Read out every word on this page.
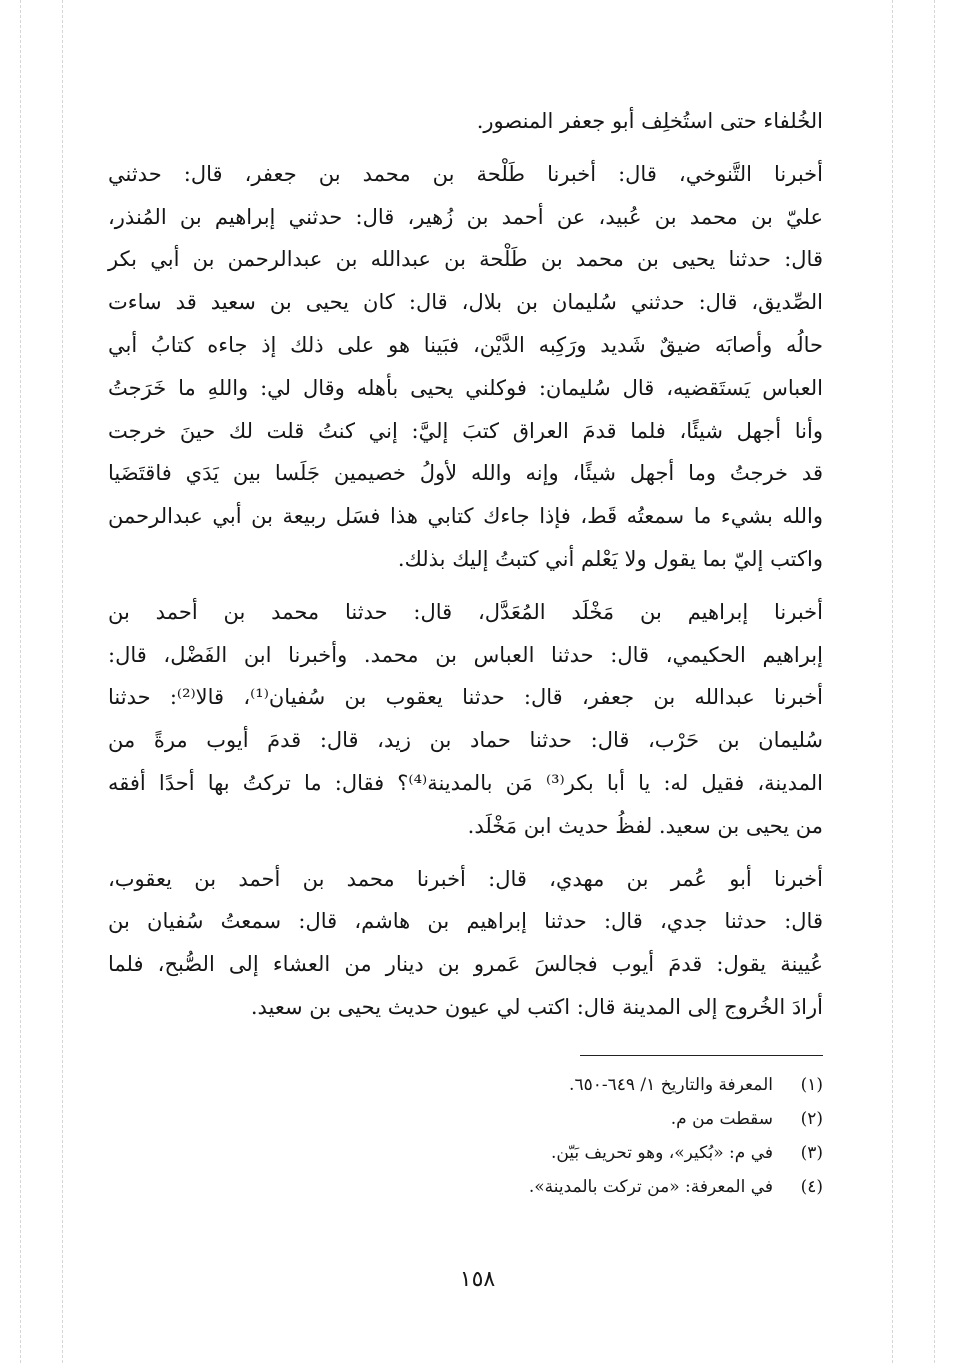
الخُلفاء حتى استُخلِف أبو جعفر المنصور.
أخبرنا التَّنوخي، قال: أخبرنا طَلْحة بن محمد بن جعفر، قال: حدثني
عليّ بن محمد بن عُبيد، عن أحمد بن زُهير، قال: حدثني إبراهيم بن المُنذر،
قال: حدثنا يحيى بن محمد بن طَلْحة بن عبدالله بن عبدالرحمن بن أبي بكر
الصِّديق، قال: حدثني سُليمان بن بلال، قال: كان يحيى بن سعيد قد ساءت
حالُه وأصابَه ضيقٌ شَديد ورَكِبه الدَّيْن، فبَينا هو على ذلك إذ جاءه كتابُ أبي
العباس يَستَقضيه، قال سُليمان: فوكلني يحيى بأهله وقال لي: واللهِ ما خَرَجتُ
وأنا أجهل شيئًا، فلما قدمَ العراق كتبَ إليَّ: إني كنتُ قلت لك حينَ خرجت
قد خرجتُ وما أجهل شيئًا، وإنه والله لأولُ خصيمين جَلَسا بين يَدَي فاقتَضَيا
والله بشيء ما سمعتُه قَط، فإذا جاءك كتابي هذا فسَل ربيعة بن أبي عبدالرحمن
واكتب إليّ بما يقول ولا يَعْلم أني كتبتُ إليك بذلك.
أخبرنا إبراهيم بن مَخْلَد المُعَدَّل، قال: حدثنا محمد بن أحمد بن
إبراهيم الحكيمي، قال: حدثنا العباس بن محمد. وأخبرنا ابن الفَضْل، قال:
أخبرنا عبدالله بن جعفر، قال: حدثنا يعقوب بن سُفيان⁽¹⁾، قالا⁽²⁾: حدثنا
سُليمان بن حَرْب، قال: حدثنا حماد بن زيد، قال: قدمَ أيوب مرةً من
المدينة، فقيل له: يا أبا بكر⁽³⁾ مَن بالمدينة⁽⁴⁾؟ فقال: ما تركتُ بها أحدًا أفقه
من يحيى بن سعيد. لفظُ حديث ابن مَخْلَد.
أخبرنا أبو عُمر بن مهدي، قال: أخبرنا محمد بن أحمد بن يعقوب،
قال: حدثنا جدي، قال: حدثنا إبراهيم بن هاشم، قال: سمعتُ سُفيان بن
عُيينة يقول: قدمَ أيوب فجالسَ عَمرو بن دينار من العشاء إلى الصُّبح، فلما
أرادَ الخُروج إلى المدينة قال: اكتب لي عيون حديث يحيى بن سعيد.
(١)المعرفة والتاريخ ١/ ٦٤٩-٦٥٠.
(٢)سقطت من م.
(٣)في م: «بُكير»، وهو تحريف بَيّن.
(٤)في المعرفة: «من تركت بالمدينة».
١٥٨
